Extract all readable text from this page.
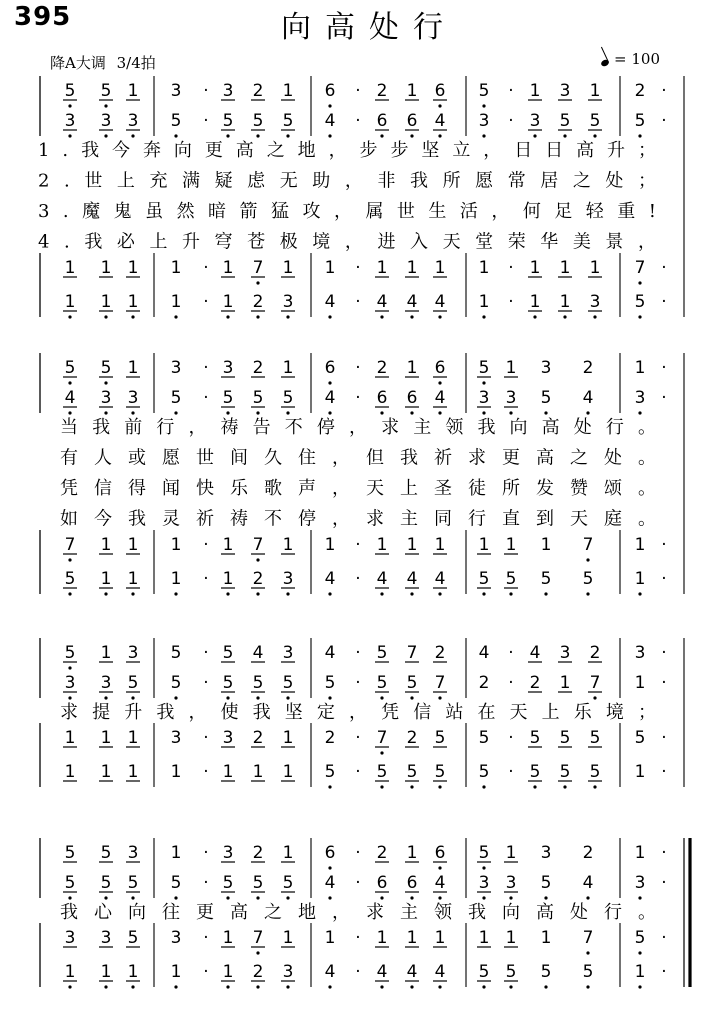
395	向高处行
降A大调 3/4拍	= 100
5 5 1 3 · 3 2 1 6 · 2 1 6 5 · 1 3 1 2 ·
3 3 3 5 · 5 5 5 4 · 6 6 4 3 · 3 5 5 5 ·
1 1 1 1 · 1 7 1 1 · 1 1 1 1 · 1 1 1 7 ·
1 1 1 1 · 1 2 3 4 · 4 4 4 1 · 1 1 3 5 ·
1.我今奔向更高之地，步步坚立，日日高升；
2.世上充满疑虑无助，非我所愿常居之处；
3.魔鬼虽然暗箭猛攻，属世生活，何足轻重!
4.我必上升穹苍极境，进入天堂荣华美景，
5 5 1 3 · 3 2 1 6 · 2 1 6 5 1 3 2 1 ·
4 3 3 5 · 5 5 5 4 · 6 6 4 3 3 5 4 3 ·
7 1 1 1 · 1 7 1 1 · 1 1 1 1 1 1 7 1 ·
5 1 1 1 · 1 2 3 4 · 4 4 4 5 5 5 5 1 ·
当我前行，祷告不停，求主领我向高处行。
有人或愿世间久住，但我祈求更高之处。
凭信得闻快乐歌声，天上圣徒所发赞颂。
如今我灵祈祷不停，求主同行直到天庭。
5 1 3 5 · 5 4 3 4 · 5 7 2 4 · 4 3 2 3 ·
3 3 5 5 · 5 5 5 5 · 5 5 7 2 · 2 1 7 1 ·
1 1 1 3 · 3 2 1 2 · 7 2 5 5 · 5 5 5 5 ·
1 1 1 1 · 1 1 1 5 · 5 5 5 5 · 5 5 5 1 ·
求提升我，使我坚定，凭信站在天上乐境；
5 5 3 1 · 3 2 1 6 · 2 1 6 5 1 3 2 1 ·
5 5 5 5 · 5 5 5 4 · 6 6 4 3 3 5 4 3 ·
3 3 5 3 · 1 7 1 1 · 1 1 1 1 1 1 7 5 ·
1 1 1 1 · 1 2 3 4 · 4 4 4 5 5 5 5 1 ·
我心向往更高之地，求主领我向高处行。
